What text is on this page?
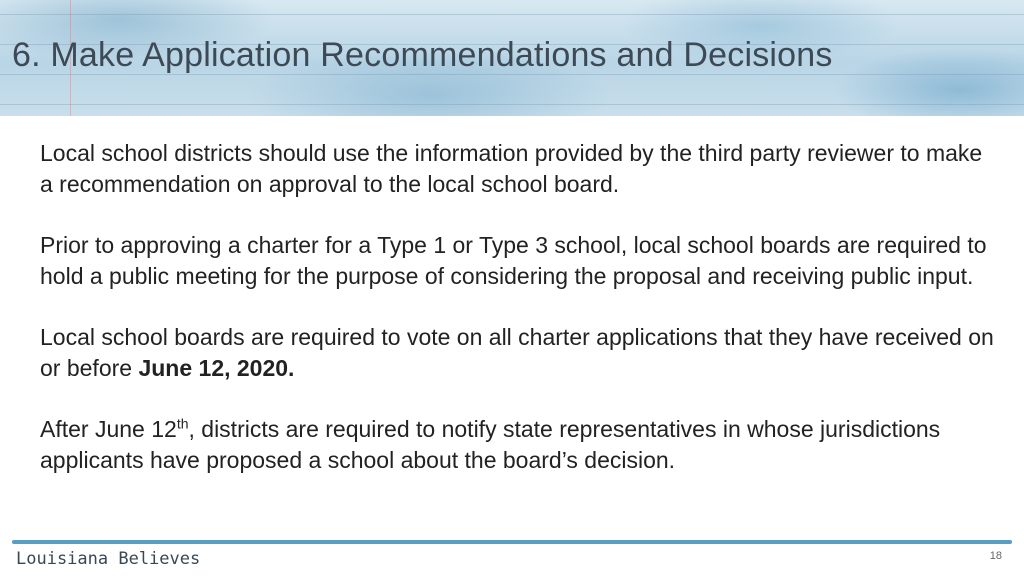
6. Make Application Recommendations and Decisions

Local school districts should use the information provided by the third party reviewer to make a recommendation on approval to the local school board.

Prior to approving a charter for a Type 1 or Type 3 school, local school boards are required to hold a public meeting for the purpose of considering the proposal and receiving public input.

Local school boards are required to vote on all charter applications that they have received on or before June 12, 2020.

After June 12th, districts are required to notify state representatives in whose jurisdictions applicants have proposed a school about the board’s decision.

Louisiana Believes	18
